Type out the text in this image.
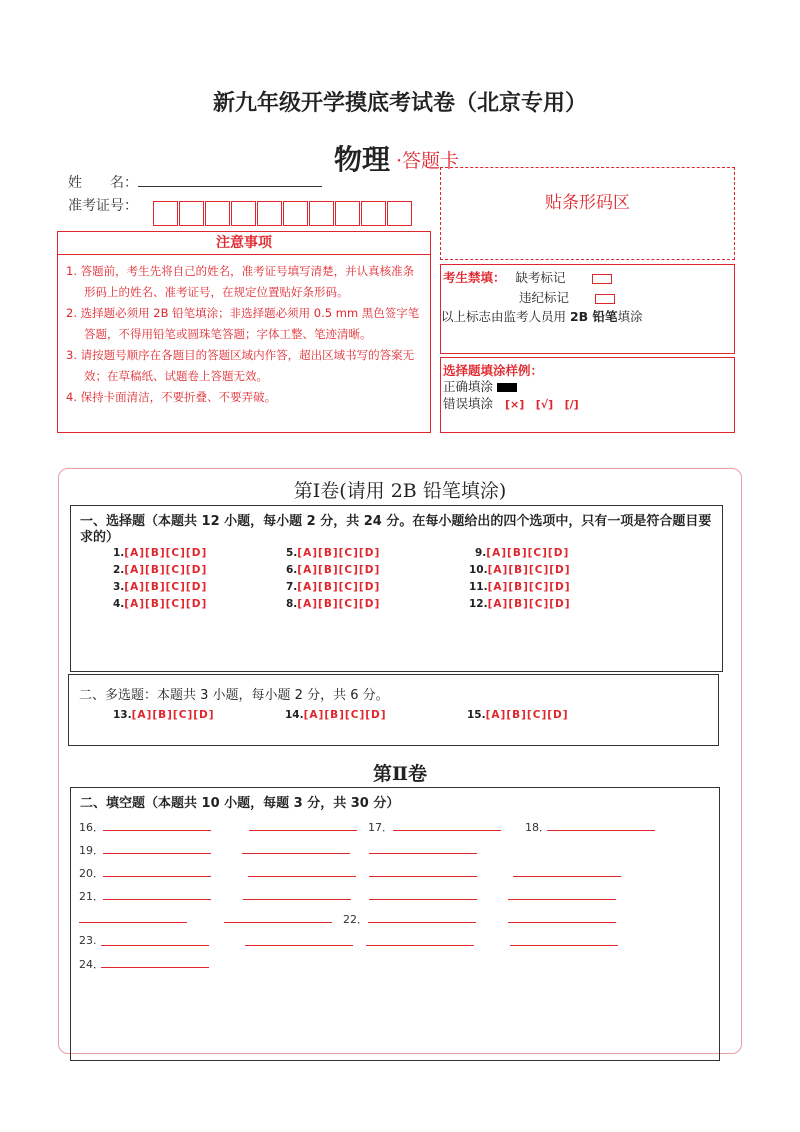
新九年级开学摸底考试卷（北京专用）
物理 ·答题卡
姓　　名：
准考证号：	贴条形码区
注意事项
1. 答题前，考生先将自己的姓名，准考证号填写清楚，并认真核准条形码上的姓名、准考证号，在规定位置贴好条形码。
2. 选择题必须用 2B 铅笔填涂；非选择题必须用 0.5 mm 黑色签字笔答题，不得用铅笔或圆珠笔答题；字体工整、笔迹清晰。
3. 请按题号顺序在各题目的答题区域内作答，超出区域书写的答案无效；在草稿纸、试题卷上答题无效。
4. 保持卡面清洁，不要折叠、不要弄破。
考生禁填： 缺考标记
违纪标记
以上标志由监考人员用 2B 铅笔填涂
选择题填涂样例：
正确填涂
错误填涂 [×]   [√]   [/]
第Ⅰ卷(请用 2B 铅笔填涂)
一、选择题（本题共 12 小题，每小题 2 分，共 24 分。在每小题给出的四个选项中，只有一项是符合题目要求的）
1.[A][B][C][D]
2.[A][B][C][D]
3.[A][B][C][D]
4.[A][B][C][D]
5.[A][B][C][D]
6.[A][B][C][D]
7.[A][B][C][D]
8.[A][B][C][D]
9.[A][B][C][D]
10.[A][B][C][D]
11.[A][B][C][D]
12.[A][B][C][D]
二、多选题：本题共 3 小题，每小题 2 分，共 6 分。
13.[A][B][C][D]	14.[A][B][C][D]	15.[A][B][C][D]
第Ⅱ卷
二、填空题（本题共 10 小题，每题 3 分，共 30 分）
16．	17．	18．
19．
20．
21．
22．
23.
24．
